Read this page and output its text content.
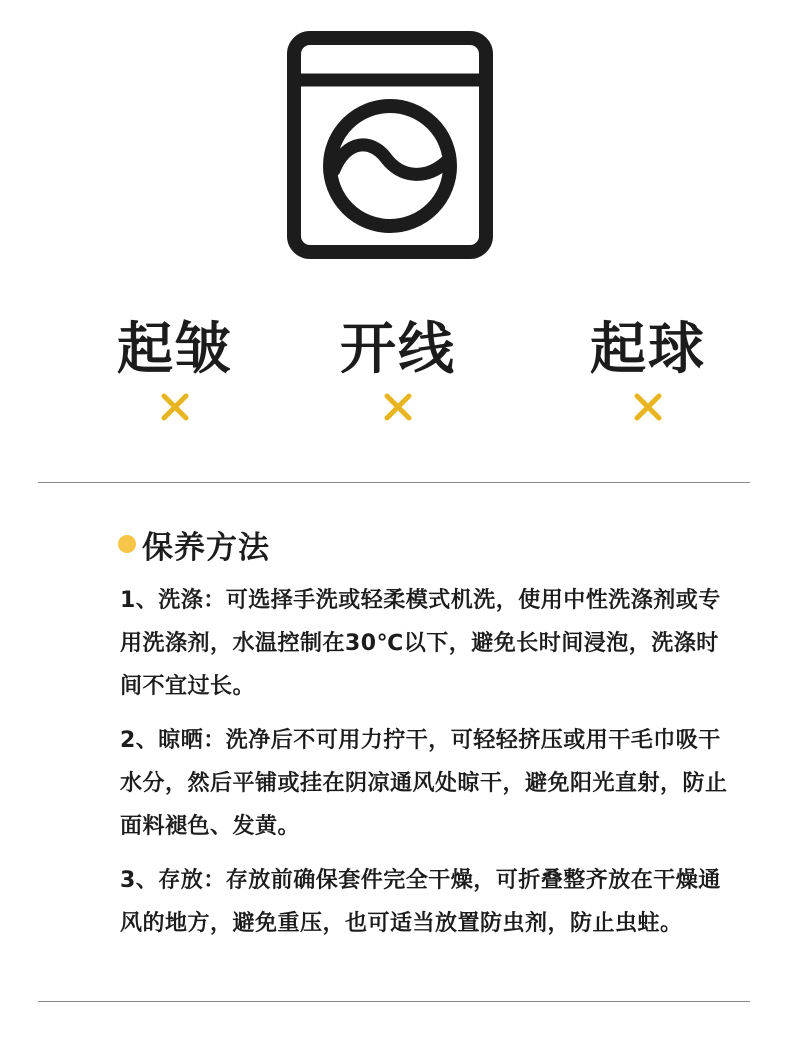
起皱 开线 起球
保养方法
1、洗涤：可选择手洗或轻柔模式机洗，使用中性洗涤剂或专用洗涤剂，水温控制在30℃以下，避免长时间浸泡，洗涤时间不宜过长。
2、晾晒：洗净后不可用力拧干，可轻轻挤压或用干毛巾吸干水分，然后平铺或挂在阴凉通风处晾干，避免阳光直射，防止面料褪色、发黄。
3、存放：存放前确保套件完全干燥，可折叠整齐放在干燥通风的地方，避免重压，也可适当放置防虫剂，防止虫蛀。
